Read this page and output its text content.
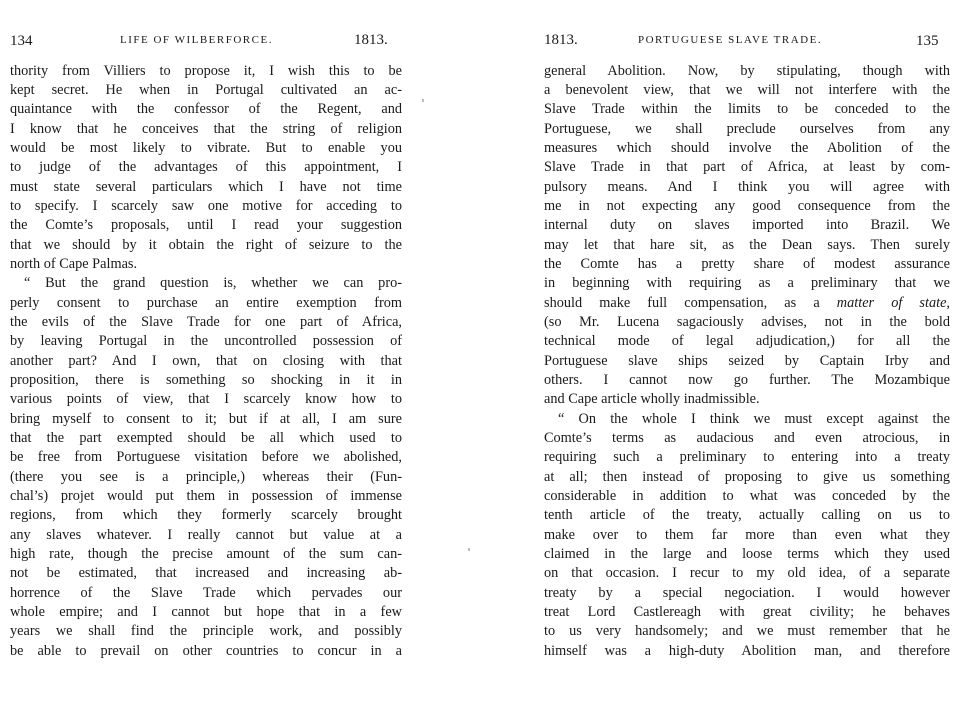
134	LIFE OF WILBERFORCE.	1813.
thority from Villiers to propose it, I wish this to be
kept secret. He when in Portugal cultivated an ac-
quaintance with the confessor of the Regent, and
I know that he conceives that the string of religion
would be most likely to vibrate. But to enable you
to judge of the advantages of this appointment, I
must state several particulars which I have not time
to specify. I scarcely saw one motive for acceding to
the Comte’s proposals, until I read your suggestion
that we should by it obtain the right of seizure to the
north of Cape Palmas.
“ But the grand question is, whether we can pro-
perly consent to purchase an entire exemption from
the evils of the Slave Trade for one part of Africa,
by leaving Portugal in the uncontrolled possession of
another part? And I own, that on closing with that
proposition, there is something so shocking in it in
various points of view, that I scarcely know how to
bring myself to consent to it; but if at all, I am sure
that the part exempted should be all which used to
be free from Portuguese visitation before we abolished,
(there you see is a principle,) whereas their (Fun-
chal’s) projet would put them in possession of immense
regions, from which they formerly scarcely brought
any slaves whatever. I really cannot but value at a
high rate, though the precise amount of the sum can-
not be estimated, that increased and increasing ab-
horrence of the Slave Trade which pervades our
whole empire; and I cannot but hope that in a few
years we shall find the principle work, and possibly
be able to prevail on other countries to concur in a
1813.	PORTUGUESE SLAVE TRADE.	135
general Abolition. Now, by stipulating, though with
a benevolent view, that we will not interfere with the
Slave Trade within the limits to be conceded to the
Portuguese, we shall preclude ourselves from any
measures which should involve the Abolition of the
Slave Trade in that part of Africa, at least by com-
pulsory means. And I think you will agree with
me in not expecting any good consequence from the
internal duty on slaves imported into Brazil. We
may let that hare sit, as the Dean says. Then surely
the Comte has a pretty share of modest assurance
in beginning with requiring as a preliminary that we
should make full compensation, as a matter of state,
(so Mr. Lucena sagaciously advises, not in the bold
technical mode of legal adjudication,) for all the
Portuguese slave ships seized by Captain Irby and
others. I cannot now go further. The Mozambique
and Cape article wholly inadmissible.
“ On the whole I think we must except against the
Comte’s terms as audacious and even atrocious, in
requiring such a preliminary to entering into a treaty
at all; then instead of proposing to give us something
considerable in addition to what was conceded by the
tenth article of the treaty, actually calling on us to
make over to them far more than even what they
claimed in the large and loose terms which they used
on that occasion. I recur to my old idea, of a separate
treaty by a special negociation. I would however
treat Lord Castlereagh with great civility; he behaves
to us very handsomely; and we must remember that he
himself was a high-duty Abolition man, and therefore
